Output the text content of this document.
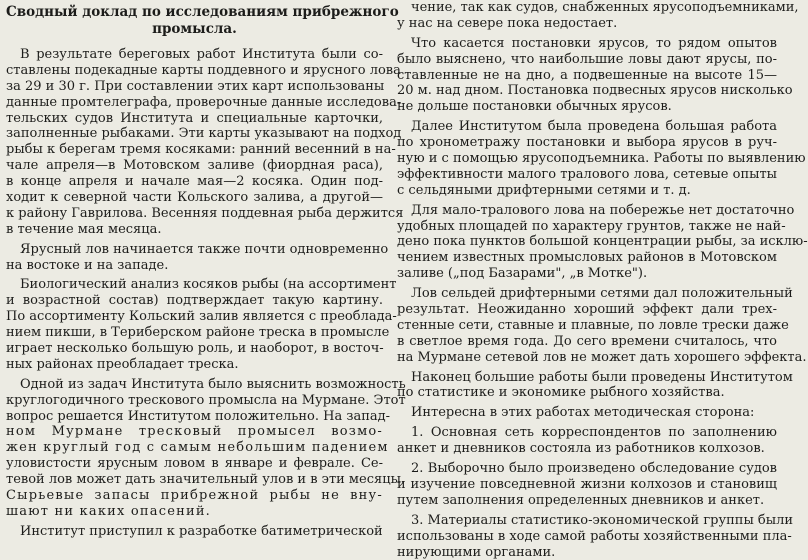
Сводный доклад по исследованиям прибрежного
промысла.
В результате береговых работ Института были со-
ставлены подекадные карты поддевного и ярусного лова
за 29 и 30 г. При составлении этих карт использованы
данные промтелеграфа, проверочные данные исследова-
тельских судов Института и специальные карточки,
заполненные рыбаками. Эти карты указывают на подход
рыбы к берегам тремя косяками: ранний весенний в на-
чале апреля—в Мотовском заливе (фиордная раса),
в конце апреля и начале мая—2 косяка. Один под-
ходит к северной части Кольского залива, а другой—
к району Гаврилова. Весенняя поддевная рыба держится
в течение мая месяца.
Ярусный лов начинается также почти одновременно
на востоке и на западе.
Биологический анализ косяков рыбы (на ассортимент
и возрастной состав) подтверждает такую картину.
По ассортименту Кольский залив является с преоблада-
нием пикши, в Териберском районе треска в промысле
играет несколько большую роль, и наоборот, в восточ-
ных районах преобладает треска.
Одной из задач Института было выяснить возможность
круглогодичного трескового промысла на Мурмане. Этот
вопрос решается Институтом положительно. На запад-
ном Мурмане тресковый промысел возмо-
жен круглый год с самым небольшим падением
уловистости ярусным ловом в январе и феврале. Се-
тевой лов может дать значительный улов и в эти месяцы.
Сырьевые запасы прибрежной рыбы не вну-
шают ни каких опасений.
Институт приступил к разработке батиметрической
чение, так как судов, снабженных ярусоподъемниками,
у нас на севере пока недостает.
Что касается постановки ярусов, то рядом опытов
было выяснено, что наибольшие ловы дают ярусы, по-
ставленные не на дно, а подвешенные на высоте 15—
20 м. над дном. Постановка подвесных ярусов нисколько
не дольше постановки обычных ярусов.
Далее Институтом была проведена большая работа
по хронометражу постановки и выбора ярусов в руч-
ную и с помощью ярусоподъемника. Работы по выявлению
эффективности малого тралового лова, сетевые опыты
с сельдяными дрифтерными сетями и т. д.
Для мало-тралового лова на побережье нет достаточно
удобных площадей по характеру грунтов, также не най-
дено пока пунктов большой концентрации рыбы, за исклю-
чением известных промысловых районов в Мотовском
заливе („под Базарами", „в Мотке").
Лов сельдей дрифтерными сетями дал положительный
результат. Неожиданно хороший эффект дали трех-
стенные сети, ставные и плавные, по ловле трески даже
в светлое время года. До сего времени считалось, что
на Мурмане сетевой лов не может дать хорошего эффекта.
Наконец большие работы были проведены Институтом
по статистике и экономике рыбного хозяйства.
Интересна в этих работах методическая сторона:
1. Основная сеть корреспондентов по заполнению
анкет и дневников состояла из работников колхозов.
2. Выборочно было произведено обследование судов
и изучение повседневной жизни колхозов и становищ
путем заполнения определенных дневников и анкет.
3. Материалы статистико-экономической группы были
использованы в ходе самой работы хозяйственными пла-
нирующими органами.
